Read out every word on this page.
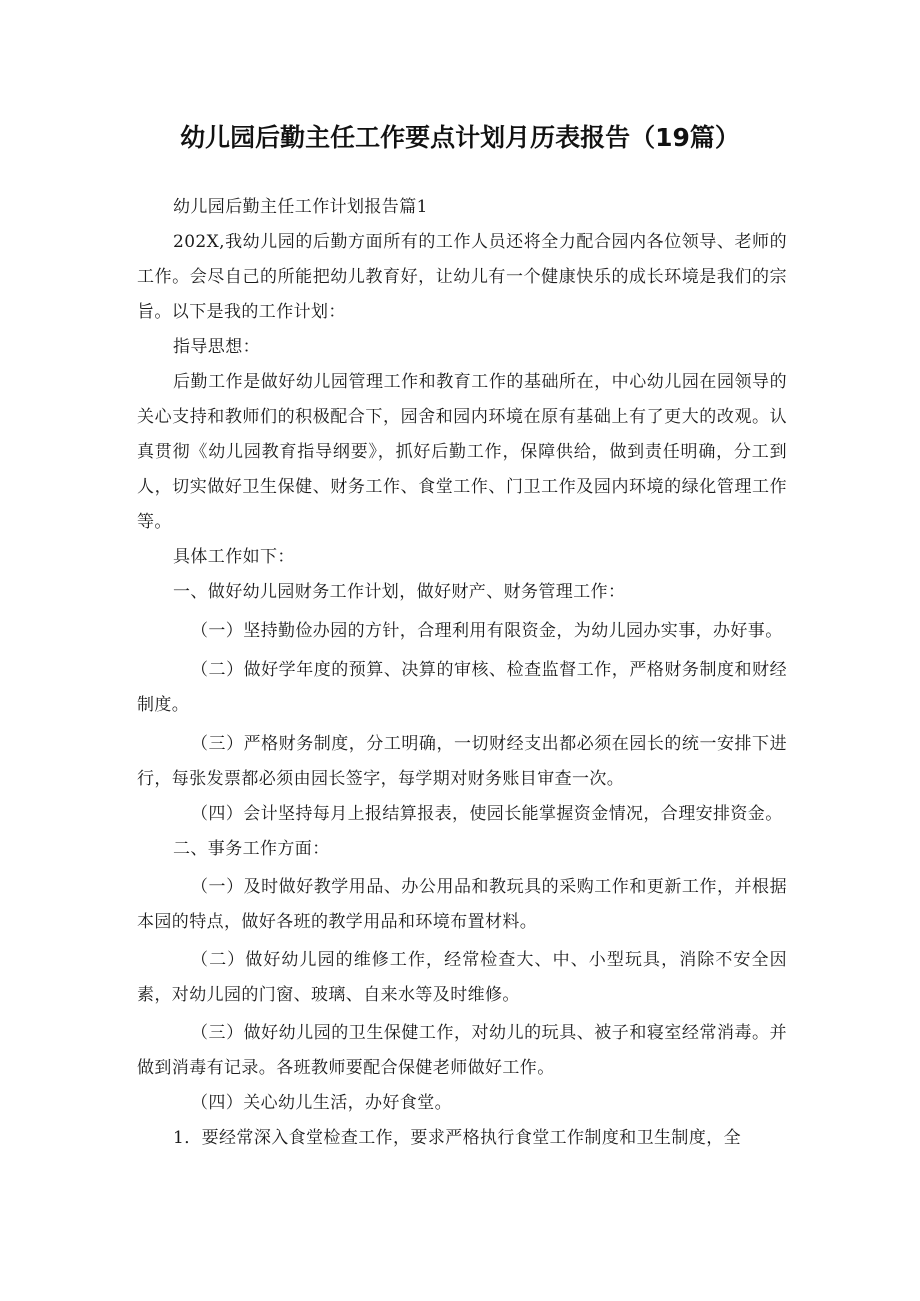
幼儿园后勤主任工作要点计划月历表报告（19篇）

幼儿园后勤主任工作计划报告篇1

202X,我幼儿园的后勤方面所有的工作人员还将全力配合园内各位领导、老师的工作。会尽自己的所能把幼儿教育好，让幼儿有一个健康快乐的成长环境是我们的宗旨。以下是我的工作计划：

指导思想：

后勤工作是做好幼儿园管理工作和教育工作的基础所在，中心幼儿园在园领导的关心支持和教师们的积极配合下，园舍和园内环境在原有基础上有了更大的改观。认真贯彻《幼儿园教育指导纲要》，抓好后勤工作，保障供给，做到责任明确，分工到人，切实做好卫生保健、财务工作、食堂工作、门卫工作及园内环境的绿化管理工作等。

具体工作如下：

一、做好幼儿园财务工作计划，做好财产、财务管理工作：

（一）坚持勤俭办园的方针，合理利用有限资金，为幼儿园办实事，办好事。

（二）做好学年度的预算、决算的审核、检查监督工作，严格财务制度和财经制度。

（三）严格财务制度，分工明确，一切财经支出都必须在园长的统一安排下进行，每张发票都必须由园长签字，每学期对财务账目审查一次。

（四）会计坚持每月上报结算报表，使园长能掌握资金情况，合理安排资金。

二、事务工作方面：

（一）及时做好教学用品、办公用品和教玩具的采购工作和更新工作，并根据本园的特点，做好各班的教学用品和环境布置材料。

（二）做好幼儿园的维修工作，经常检查大、中、小型玩具，消除不安全因素，对幼儿园的门窗、玻璃、自来水等及时维修。

（三）做好幼儿园的卫生保健工作，对幼儿的玩具、被子和寝室经常消毒。并做到消毒有记录。各班教师要配合保健老师做好工作。

（四）关心幼儿生活，办好食堂。

1．要经常深入食堂检查工作，要求严格执行食堂工作制度和卫生制度，全
